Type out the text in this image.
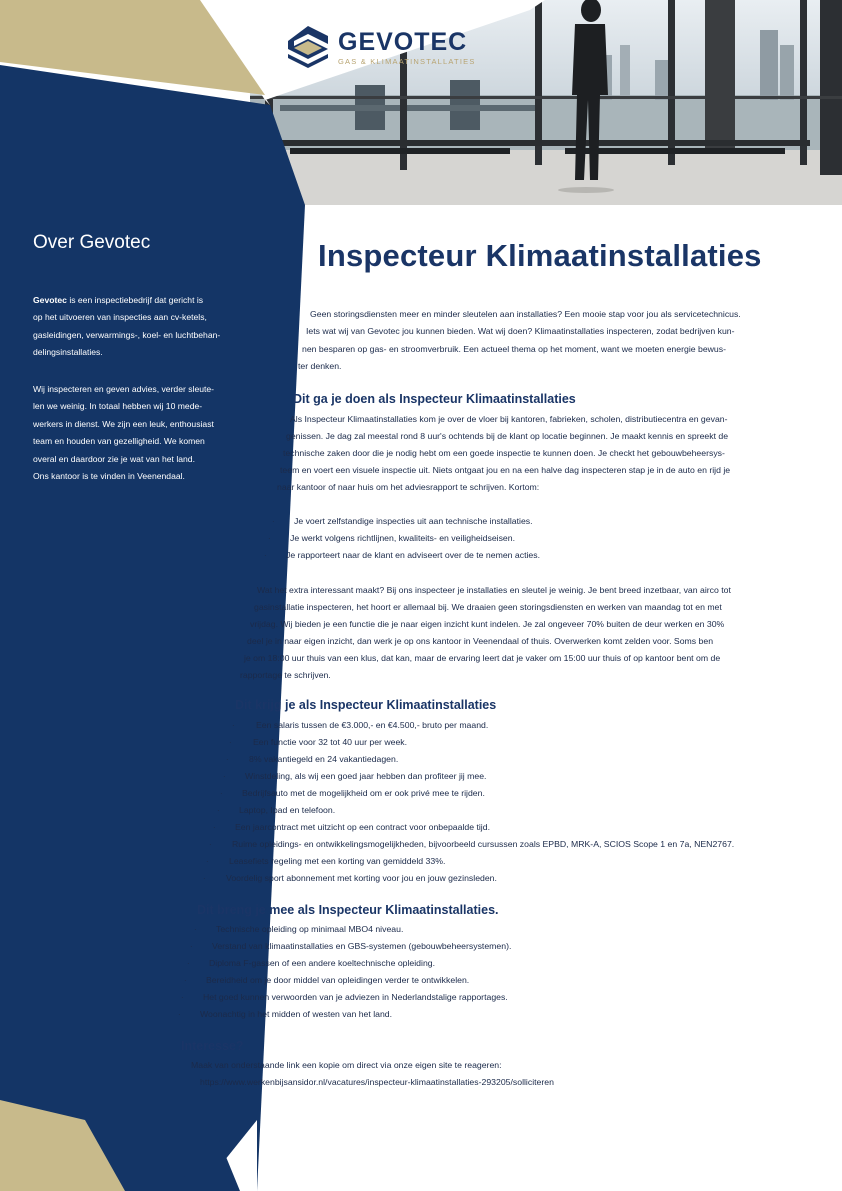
GEVOTEC
GAS & KLIMAATINSTALLATIES
Over Gevotec
Gevotec is een inspectiebedrijf dat gericht is
op het uitvoeren van inspecties aan cv-ketels,
gasleidingen, verwarmings-, koel- en luchtbehan-
delingsinstallaties.
Wij inspecteren en geven advies, verder sleute-
len we weinig. In totaal hebben wij 10 mede-
werkers in dienst. We zijn een leuk, enthousiast
team en houden van gezelligheid. We komen
overal en daardoor zie je wat van het land.
Ons kantoor is te vinden in Veenendaal.
Inspecteur Klimaatinstallaties
Geen storingsdiensten meer en minder sleutelen aan installaties? Een mooie stap voor jou als servicetechnicus.
Iets wat wij van Gevotec jou kunnen bieden. Wat wij doen? Klimaatinstallaties inspecteren, zodat bedrijven kun-
nen besparen op gas- en stroomverbruik. Een actueel thema op het moment, want we moeten energie bewus-
ter denken.
Dit ga je doen als Inspecteur Klimaatinstallaties
Als Inspecteur Klimaatinstallaties kom je over de vloer bij kantoren, fabrieken, scholen, distributiecentra en gevan-
genissen. Je dag zal meestal rond 8 uur's ochtends bij de klant op locatie beginnen. Je maakt kennis en spreekt de
technische zaken door die je nodig hebt om een goede inspectie te kunnen doen. Je checkt het gebouwbeheersys-
teem en voert een visuele inspectie uit. Niets ontgaat jou en na een halve dag inspecteren stap je in de auto en rijd je
naar kantoor of naar huis om het adviesrapport te schrijven. Kortom:
· Je voert zelfstandige inspecties uit aan technische installaties.
· Je werkt volgens richtlijnen, kwaliteits- en veiligheidseisen.
· Je rapporteert naar de klant en adviseert over de te nemen acties.
Wat het extra interessant maakt? Bij ons inspecteer je installaties en sleutel je weinig. Je bent breed inzetbaar, van airco tot
gasinstallatie inspecteren, het hoort er allemaal bij. We draaien geen storingsdiensten en werken van maandag tot en met
vrijdag. Wij bieden je een functie die je naar eigen inzicht kunt indelen. Je zal ongeveer 70% buiten de deur werken en 30%
deel je in naar eigen inzicht, dan werk je op ons kantoor in Veenendaal of thuis. Overwerken komt zelden voor. Soms ben
je om 18:00 uur thuis van een klus, dat kan, maar de ervaring leert dat je vaker om 15:00 uur thuis of op kantoor bent om de
rapportage te schrijven.
Dit krijg je als Inspecteur Klimaatinstallaties
· Een salaris tussen de €3.000,- en €4.500,- bruto per maand.
· Een functie voor 32 tot 40 uur per week.
· 8% vakantiegeld en 24 vakantiedagen.
· Winstdeling, als wij een goed jaar hebben dan profiteer jij mee.
· Bedrijfsauto met de mogelijkheid om er ook privé mee te rijden.
· Laptop, Ipad en telefoon.
· Een jaarcontract met uitzicht op een contract voor onbepaalde tijd.
· Ruime opleidings- en ontwikkelingsmogelijkheden, bijvoorbeeld cursussen zoals EPBD, MRK-A, SCIOS Scope 1 en 7a, NEN2767.
· Leasefiets regeling met een korting van gemiddeld 33%.
· Voordelig sport abonnement met korting voor jou en jouw gezinsleden.
Dit breng je mee als Inspecteur Klimaatinstallaties.
· Technische opleiding op minimaal MBO4 niveau.
· Verstand van klimaatinstallaties en GBS-systemen (gebouwbeheersystemen).
· Diploma F-gassen of een andere koeltechnische opleiding.
· Bereidheid om je door middel van opleidingen verder te ontwikkelen.
· Het goed kunnen verwoorden van je adviezen in Nederlandstalige rapportages.
· Woonachtig in het midden of westen van het land.
Interesse?
Maak van onderstaande link een kopie om direct via onze eigen site te reageren:
https://www.werkenbijsansidor.nl/vacatures/inspecteur-klimaatinstallaties-293205/solliciteren
